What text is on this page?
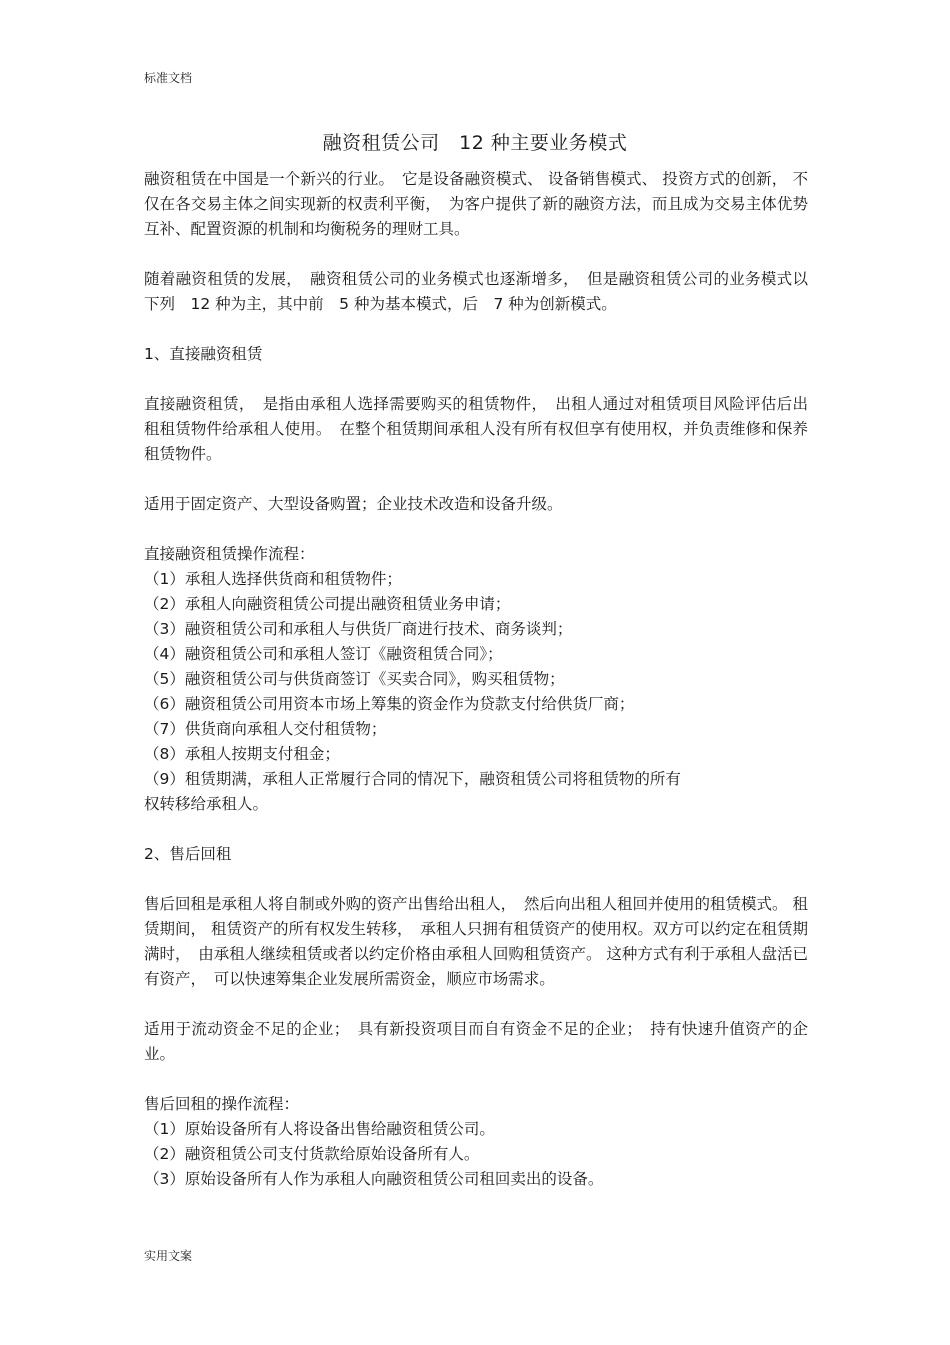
标准文档
融资租赁公司　12 种主要业务模式

融资租赁在中国是一个新兴的行业。　它是设备融资模式、 设备销售模式、 投资方式的创新， 不仅在各交易主体之间实现新的权责利平衡，　为客户提供了新的融资方法，而且成为交易主体优势互补、配置资源的机制和均衡税务的理财工具。

随着融资租赁的发展，　融资租赁公司的业务模式也逐渐增多，　但是融资租赁公司的业务模式以下列　12 种为主，其中前　5 种为基本模式，后　7 种为创新模式。

1、直接融资租赁

直接融资租赁，　是指由承租人选择需要购买的租赁物件，　出租人通过对租赁项目风险评估后出租租赁物件给承租人使用。　在整个租赁期间承租人没有所有权但享有使用权，并负责维修和保养租赁物件。

适用于固定资产、大型设备购置；企业技术改造和设备升级。

直接融资租赁操作流程：

（1）承租人选择供货商和租赁物件；

（2）承租人向融资租赁公司提出融资租赁业务申请；

（3）融资租赁公司和承租人与供货厂商进行技术、商务谈判；

（4）融资租赁公司和承租人签订《融资租赁合同》；

（5）融资租赁公司与供货商签订《买卖合同》，购买租赁物；

（6）融资租赁公司用资本市场上筹集的资金作为贷款支付给供货厂商；

（7）供货商向承租人交付租赁物；

（8）承租人按期支付租金；

（9）租赁期满，承租人正常履行合同的情况下，融资租赁公司将租赁物的所有

权转移给承租人。

2、售后回租

售后回租是承租人将自制或外购的资产出售给出租人，　然后向出租人租回并使用的租赁模式。 租赁期间， 租赁资产的所有权发生转移，　承租人只拥有租赁资产的使用权。双方可以约定在租赁期满时，　由承租人继续租赁或者以约定价格由承租人回购租赁资产。 这种方式有利于承租人盘活已有资产，　可以快速筹集企业发展所需资金，顺应市场需求。

适用于流动资金不足的企业；　具有新投资项目而自有资金不足的企业；　持有快速升值资产的企业。

售后回租的操作流程：

（1）原始设备所有人将设备出售给融资租赁公司。

（2）融资租赁公司支付货款给原始设备所有人。

（3）原始设备所有人作为承租人向融资租赁公司租回卖出的设备。

实用文案
